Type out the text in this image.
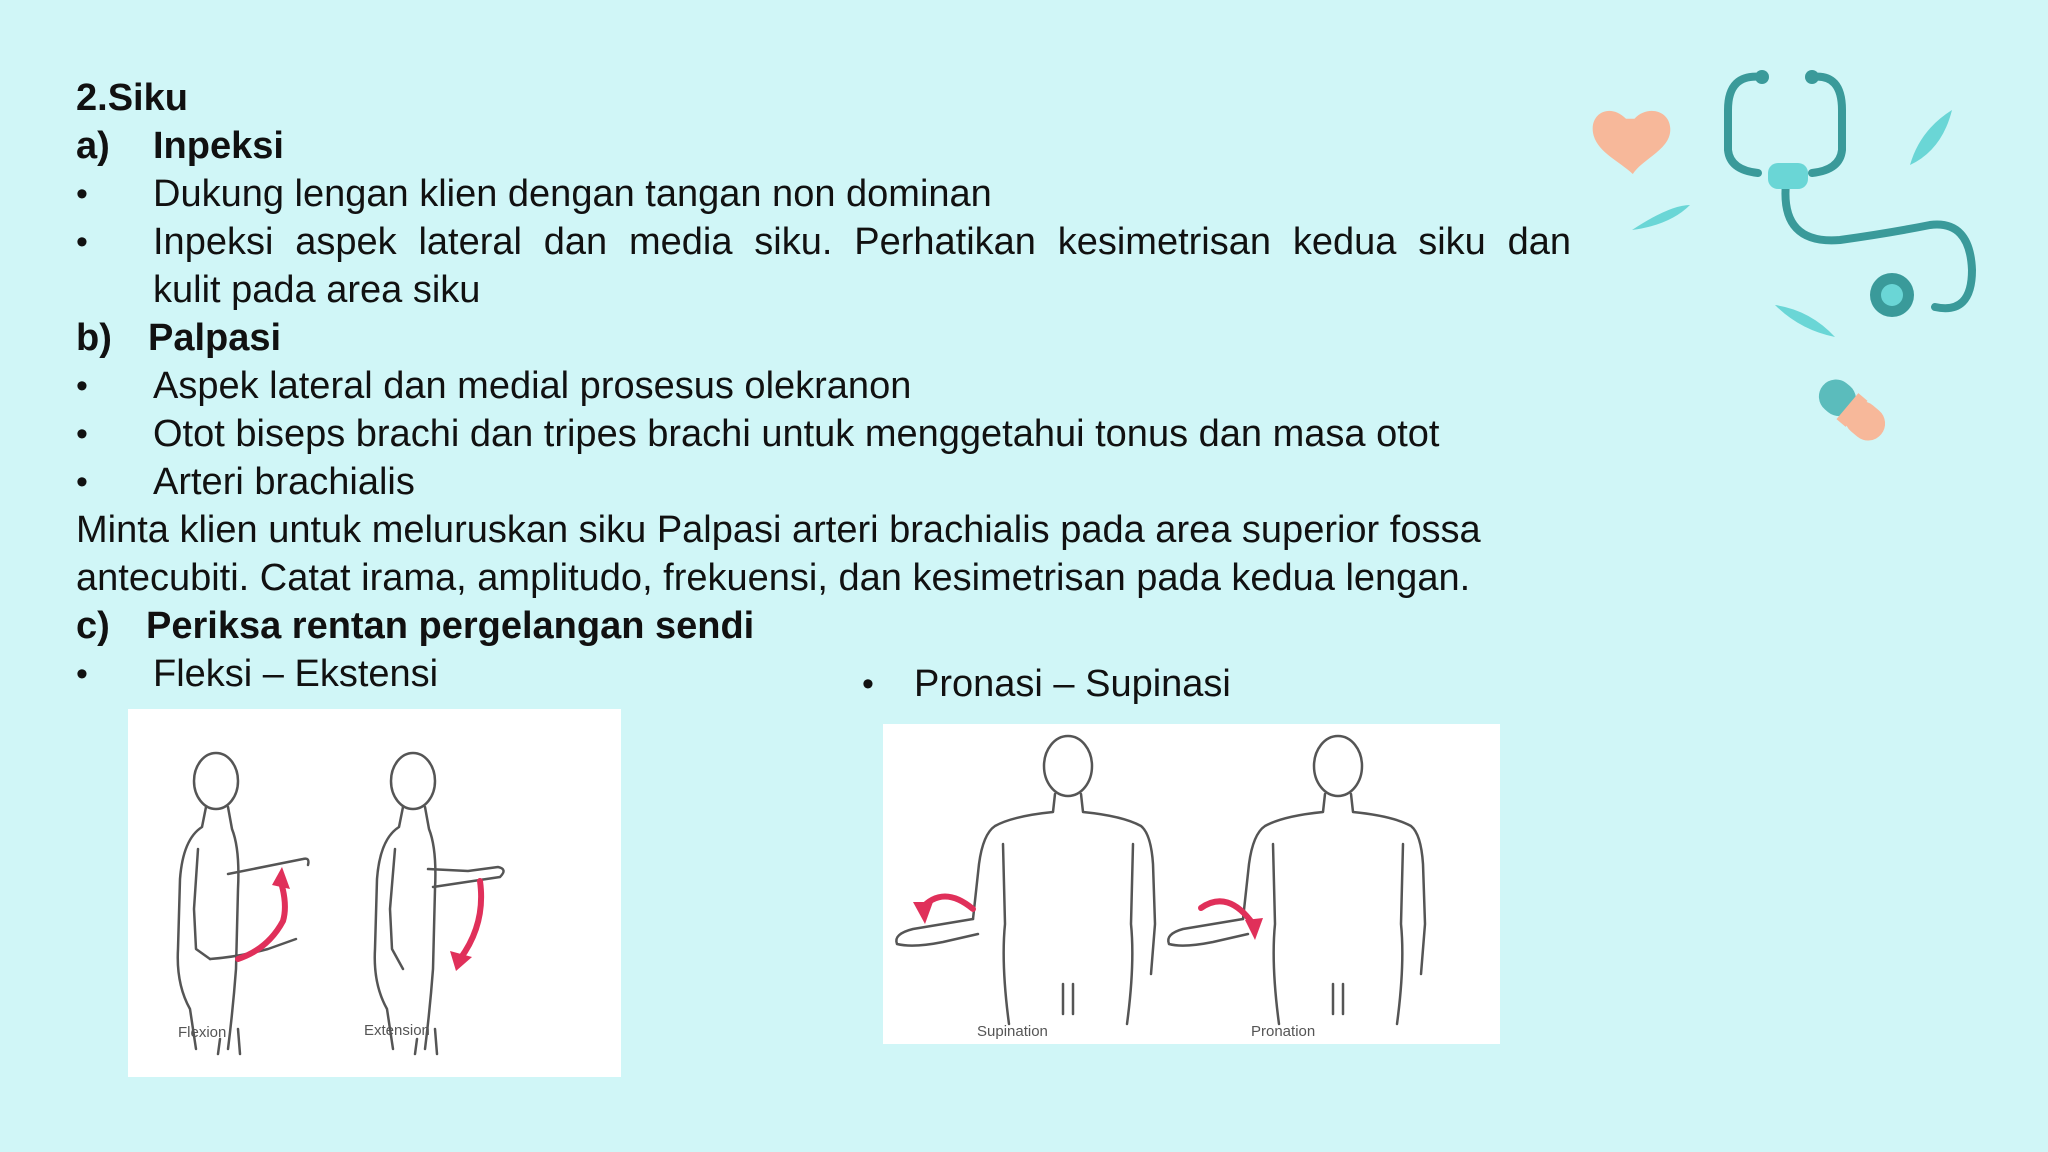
2.Siku
a) Inpeksi
• Dukung lengan klien dengan tangan non dominan
• Inpeksi aspek lateral dan media siku. Perhatikan kesimetrisan kedua siku dan
kulit pada area siku
b) Palpasi
• Aspek lateral dan medial prosesus olekranon
• Otot biseps brachi dan tripes brachi untuk menggetahui tonus dan masa otot
• Arteri brachialis
Minta klien untuk meluruskan siku Palpasi arteri brachialis pada area superior fossa
antecubiti. Catat irama, amplitudo, frekuensi, dan kesimetrisan pada kedua lengan.
c) Periksa rentan pergelangan sendi
• Fleksi – Ekstensi	• Pronasi – Supinasi
Flexion	Extension	Supination	Pronation
